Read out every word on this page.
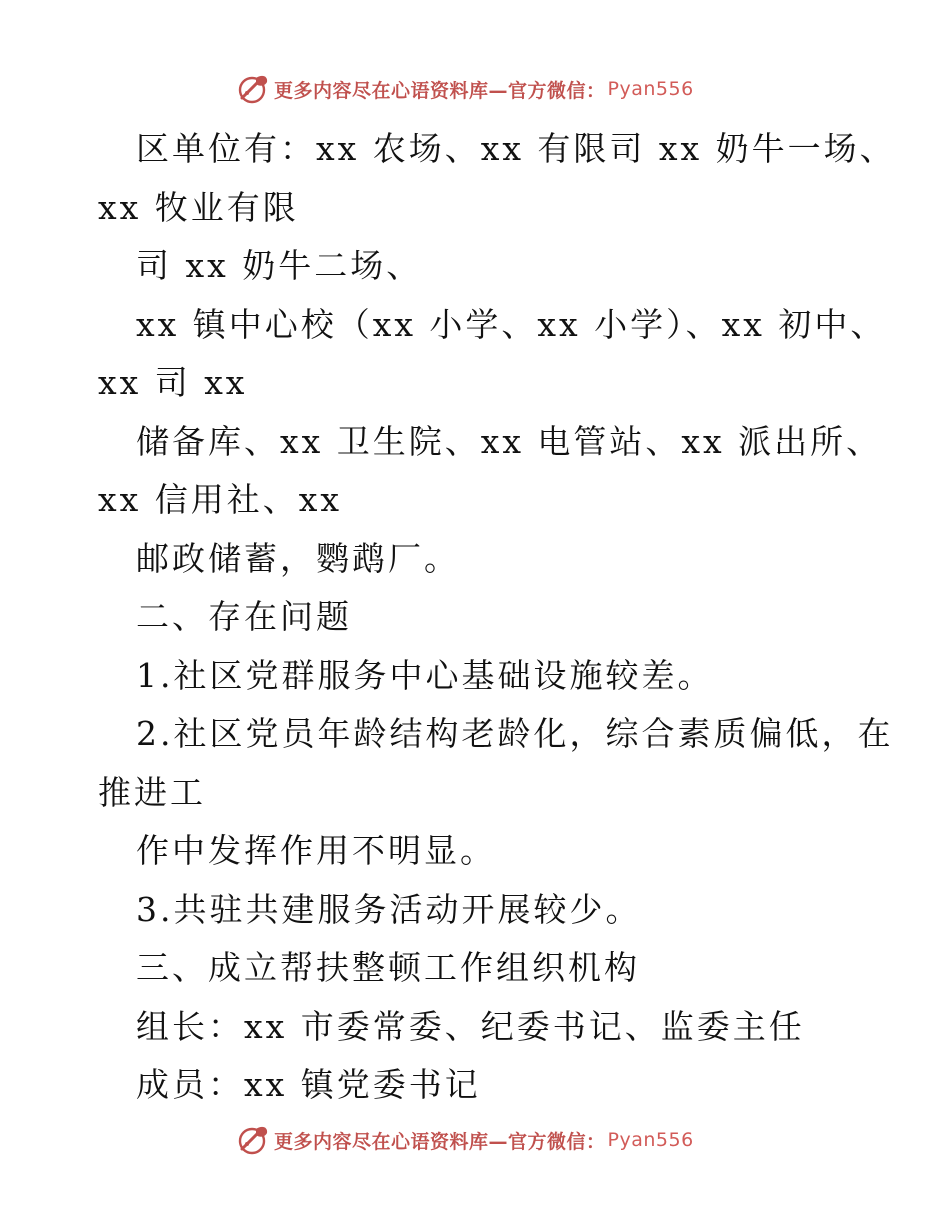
更多内容尽在心语资料库—官方微信： Pyan556
区单位有：xx 农场、xx 有限司 xx 奶牛一场、
xx 牧业有限
司 xx 奶牛二场、
xx 镇中心校（xx 小学、xx 小学）、xx 初中、
xx 司 xx
储备库、xx 卫生院、xx 电管站、xx 派出所、
xx 信用社、xx
邮政储蓄，鹦鹉厂。
二、存在问题
1.社区党群服务中心基础设施较差。
2.社区党员年龄结构老龄化，综合素质偏低，在
推进工
作中发挥作用不明显。
3.共驻共建服务活动开展较少。
三、成立帮扶整顿工作组织机构
组长：xx 市委常委、纪委书记、监委主任
成员：xx 镇党委书记
更多内容尽在心语资料库—官方微信： Pyan556
